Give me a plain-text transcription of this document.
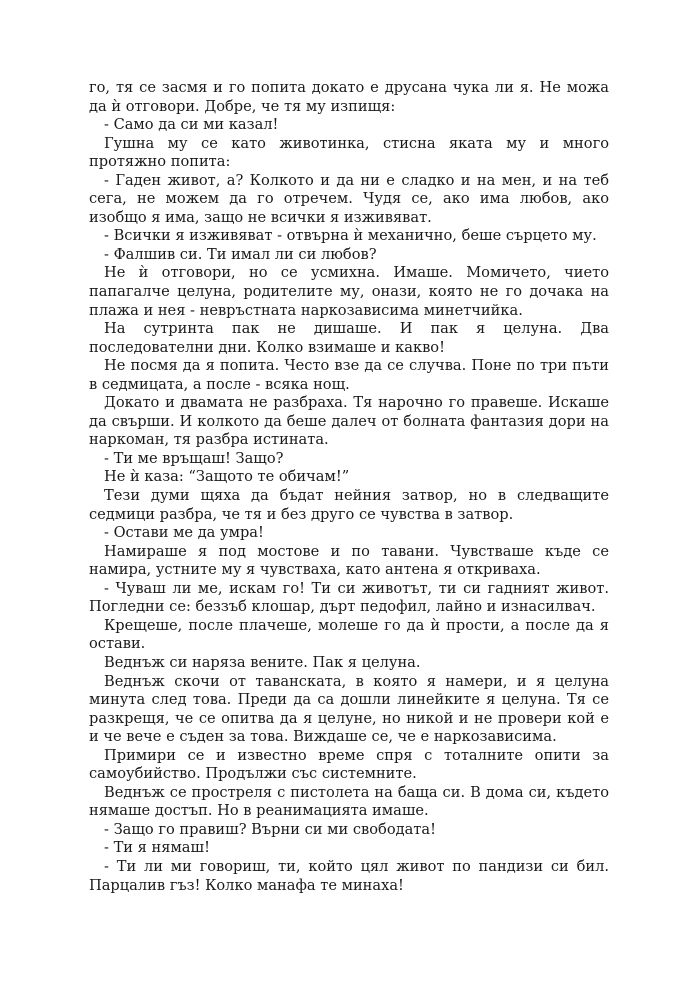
го, тя се засмя и го попита докато е друсана чука ли я. Не можа да ѝ отговори. Добре, че тя му изпищя:

- Само да си ми казал!

Гушна му се като животинка, стисна яката му и много протяжно попита:

- Гаден живот, а? Колкото и да ни е сладко и на мен, и на теб сега, не можем да го отречем. Чудя се, ако има любов, ако изобщо я има, защо не всички я изживяват.

- Всички я изживяват - отвърна ѝ механично, беше сърцето му.

- Фалшив си. Ти имал ли си любов?

Не ѝ отговори, но се усмихна. Имаше. Момичето, чието папагалче целуна, родителите му, онази, която не го дочака на плажа и нея - невръстната наркозависима минетчийка.

На сутринта пак не дишаше. И пак я целуна. Два последователни дни. Колко взимаше и какво!

Не посмя да я попита. Често взе да се случва. Поне по три пъти в седмицата, а после - всяка нощ.

Докато и двамата не разбраха. Тя нарочно го правеше. Искаше да свърши. И колкото да беше далеч от болната фантазия дори на наркоман, тя разбра истината.

- Ти ме връщаш! Защо?

Не ѝ каза: “Защото те обичам!”

Тези думи щяха да бъдат нейния затвор, но в следващите седмици разбра, че тя и без друго се чувства в затвор.

- Остави ме да умра!

Намираше я под мостове и по тавани. Чувстваше къде се намира, устните му я чувстваха, като антена я откриваха.

- Чуваш ли ме, искам го! Ти си животът, ти си гадният живот. Погледни се: беззъб клошар, дърт педофил, лайно и изнасилвач.

Крещеше, после плачеше, молеше го да ѝ прости, а после да я остави.

Веднъж си наряза вените. Пак я целуна.

Веднъж скочи от таванската, в която я намери, и я целуна минута след това. Преди да са дошли линейките я целуна. Тя се разкрещя, че се опитва да я целуне, но никой и не провери кой е и че вече е съден за това. Виждаше се, че е наркозависима.

Примири се и известно време спря с тоталните опити за самоубийство. Продължи със системните.

Веднъж се простреля с пистолета на баща си. В дома си, където нямаше достъп. Но в реанимацията имаше.

- Защо го правиш? Върни си ми свободата!

- Ти я нямаш!

- Ти ли ми говориш, ти, който цял живот по пандизи си бил. Парцалив гъз! Колко манафа те минаха!
